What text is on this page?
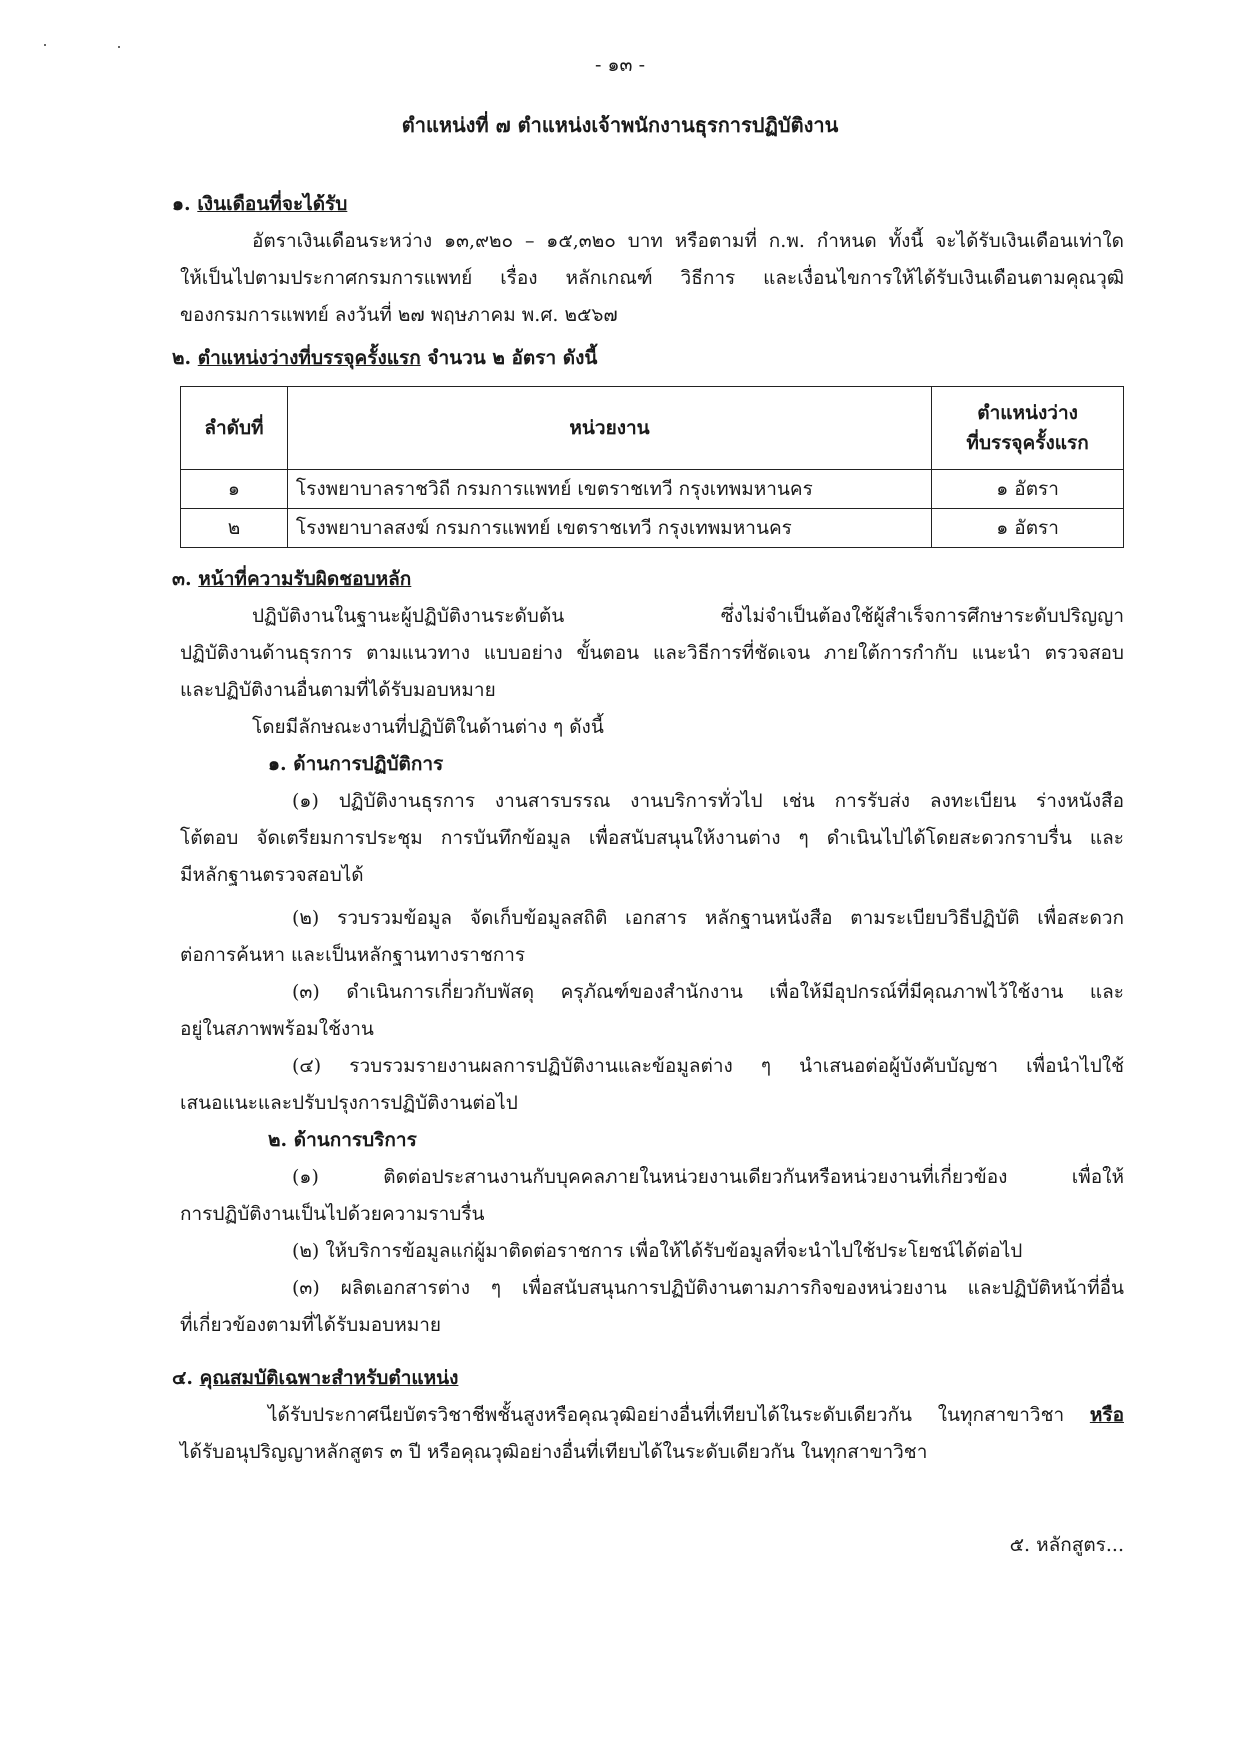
- ๑๓ -
ตำแหน่งที่ ๗ ตำแหน่งเจ้าพนักงานธุรการปฏิบัติงาน
๑. เงินเดือนที่จะได้รับ
อัตราเงินเดือนระหว่าง ๑๓,๙๒๐ – ๑๕,๓๒๐ บาท หรือตามที่ ก.พ. กำหนด ทั้งนี้ จะได้รับเงินเดือนเท่าใด
ให้เป็นไปตามประกาศกรมการแพทย์ เรื่อง หลักเกณฑ์ วิธีการ และเงื่อนไขการให้ได้รับเงินเดือนตามคุณวุฒิ
ของกรมการแพทย์ ลงวันที่ ๒๗ พฤษภาคม พ.ศ. ๒๕๖๗
๒. ตำแหน่งว่างที่บรรจุครั้งแรก จำนวน ๒ อัตรา ดังนี้
ลำดับที่	หน่วยงาน	ตำแหน่งว่าง
ที่บรรจุครั้งแรก
๑	โรงพยาบาลราชวิถี กรมการแพทย์ เขตราชเทวี กรุงเทพมหานคร	๑ อัตรา
๒	โรงพยาบาลสงฆ์ กรมการแพทย์ เขตราชเทวี กรุงเทพมหานคร	๑ อัตรา
๓. หน้าที่ความรับผิดชอบหลัก
ปฏิบัติงานในฐานะผู้ปฏิบัติงานระดับต้น ซึ่งไม่จำเป็นต้องใช้ผู้สำเร็จการศึกษาระดับปริญญา
ปฏิบัติงานด้านธุรการ ตามแนวทาง แบบอย่าง ขั้นตอน และวิธีการที่ชัดเจน ภายใต้การกำกับ แนะนำ ตรวจสอบ
และปฏิบัติงานอื่นตามที่ได้รับมอบหมาย
โดยมีลักษณะงานที่ปฏิบัติในด้านต่าง ๆ ดังนี้
๑. ด้านการปฏิบัติการ
(๑) ปฏิบัติงานธุรการ งานสารบรรณ งานบริการทั่วไป เช่น การรับส่ง ลงทะเบียน ร่างหนังสือ
โต้ตอบ จัดเตรียมการประชุม การบันทึกข้อมูล เพื่อสนับสนุนให้งานต่าง ๆ ดำเนินไปได้โดยสะดวกราบรื่น และ
มีหลักฐานตรวจสอบได้
(๒) รวบรวมข้อมูล จัดเก็บข้อมูลสถิติ เอกสาร หลักฐานหนังสือ ตามระเบียบวิธีปฏิบัติ เพื่อสะดวก
ต่อการค้นหา และเป็นหลักฐานทางราชการ
(๓) ดำเนินการเกี่ยวกับพัสดุ ครุภัณฑ์ของสำนักงาน เพื่อให้มีอุปกรณ์ที่มีคุณภาพไว้ใช้งาน และ
อยู่ในสภาพพร้อมใช้งาน
(๔) รวบรวมรายงานผลการปฏิบัติงานและข้อมูลต่าง ๆ นำเสนอต่อผู้บังคับบัญชา เพื่อนำไปใช้
เสนอแนะและปรับปรุงการปฏิบัติงานต่อไป
๒. ด้านการบริการ
(๑) ติดต่อประสานงานกับบุคคลภายในหน่วยงานเดียวกันหรือหน่วยงานที่เกี่ยวข้อง เพื่อให้
การปฏิบัติงานเป็นไปด้วยความราบรื่น
(๒) ให้บริการข้อมูลแก่ผู้มาติดต่อราชการ เพื่อให้ได้รับข้อมูลที่จะนำไปใช้ประโยชน์ได้ต่อไป
(๓) ผลิตเอกสารต่าง ๆ เพื่อสนับสนุนการปฏิบัติงานตามภารกิจของหน่วยงาน และปฏิบัติหน้าที่อื่น
ที่เกี่ยวข้องตามที่ได้รับมอบหมาย
๔. คุณสมบัติเฉพาะสำหรับตำแหน่ง
ได้รับประกาศนียบัตรวิชาชีพชั้นสูงหรือคุณวุฒิอย่างอื่นที่เทียบได้ในระดับเดียวกัน ในทุกสาขาวิชา หรือ
ได้รับอนุปริญญาหลักสูตร ๓ ปี หรือคุณวุฒิอย่างอื่นที่เทียบได้ในระดับเดียวกัน ในทุกสาขาวิชา
๕. หลักสูตร...
